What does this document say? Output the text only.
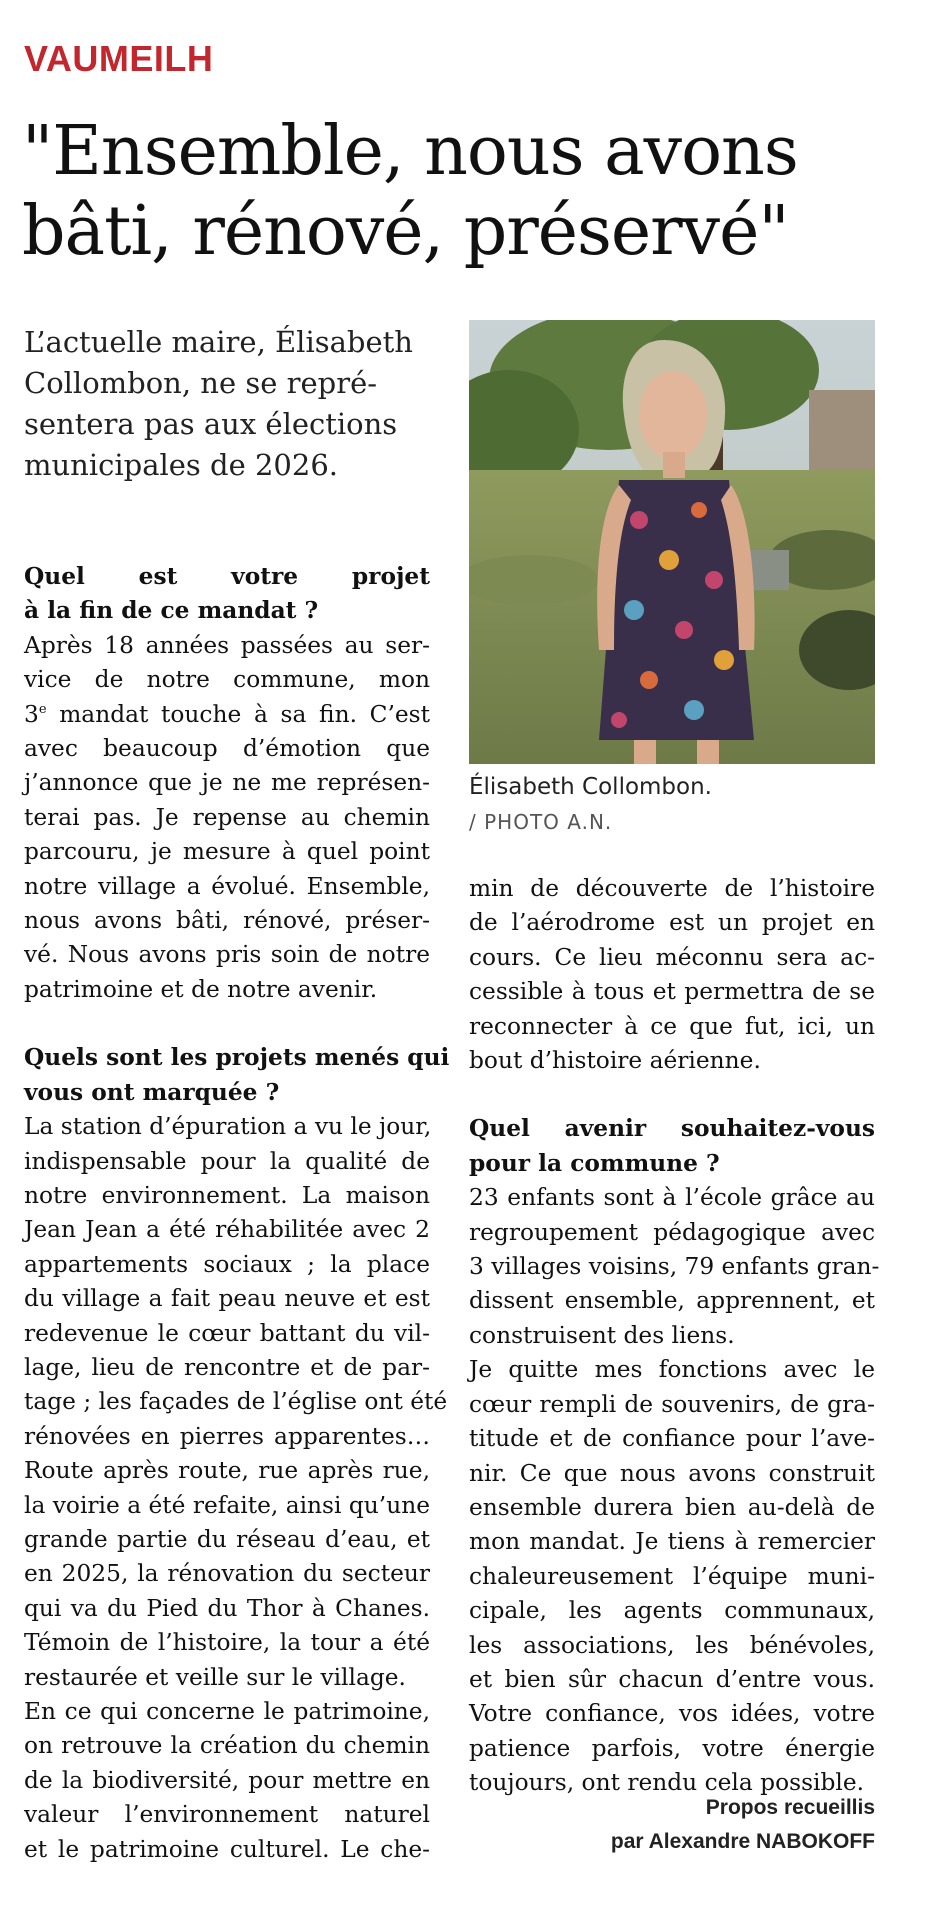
VAUMEILH
"Ensemble, nous avons
bâti, rénové, préservé"
L’actuelle maire, Élisabeth
Collombon, ne se repré-
sentera pas aux élections
municipales de 2026.
Quel est votre projet
à la fin de ce mandat ?
Après 18 années passées au ser-
vice de notre commune, mon
3e mandat touche à sa fin. C’est
avec beaucoup d’émotion que
j’annonce que je ne me représen-
terai pas. Je repense au chemin
parcouru, je mesure à quel point
notre village a évolué. Ensemble,
nous avons bâti, rénové, préser-
vé. Nous avons pris soin de notre
patrimoine et de notre avenir.
Quels sont les projets menés qui
vous ont marquée ?
La station d’épuration a vu le jour,
indispensable pour la qualité de
notre environnement. La maison
Jean Jean a été réhabilitée avec 2
appartements sociaux ; la place
du village a fait peau neuve et est
redevenue le cœur battant du vil-
lage, lieu de rencontre et de par-
tage ; les façades de l’église ont été
rénovées en pierres apparentes…
Route après route, rue après rue,
la voirie a été refaite, ainsi qu’une
grande partie du réseau d’eau, et
en 2025, la rénovation du secteur
qui va du Pied du Thor à Chanes.
Témoin de l’histoire, la tour a été
restaurée et veille sur le village.
En ce qui concerne le patrimoine,
on retrouve la création du chemin
de la biodiversité, pour mettre en
valeur l’environnement naturel
et le patrimoine culturel. Le che-
Élisabeth Collombon.
/ PHOTO A.N.
min de découverte de l’histoire
de l’aérodrome est un projet en
cours. Ce lieu méconnu sera ac-
cessible à tous et permettra de se
reconnecter à ce que fut, ici, un
bout d’histoire aérienne.
Quel avenir souhaitez-vous
pour la commune ?
23 enfants sont à l’école grâce au
regroupement pédagogique avec
3 villages voisins, 79 enfants gran-
dissent ensemble, apprennent, et
construisent des liens.
Je quitte mes fonctions avec le
cœur rempli de souvenirs, de gra-
titude et de confiance pour l’ave-
nir. Ce que nous avons construit
ensemble durera bien au-delà de
mon mandat. Je tiens à remercier
chaleureusement l’équipe muni-
cipale, les agents communaux,
les associations, les bénévoles,
et bien sûr chacun d’entre vous.
Votre confiance, vos idées, votre
patience parfois, votre énergie
toujours, ont rendu cela possible.
Propos recueillis
par Alexandre NABOKOFF
